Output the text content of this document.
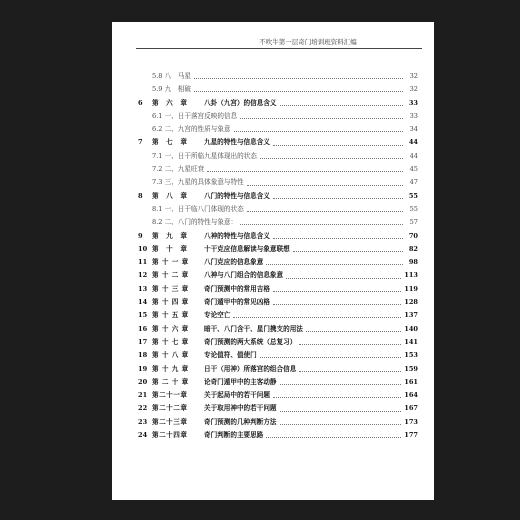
不吹牛第一层奇门培训班资料汇编
5.8 八　马星	32
5.9 九　相破	32
6	第　六　章	八卦（九宫）的信息含义	33
6.1 一、日干落宫反映的信息	33
6.2 二、九宫的性质与象意	34
7	第　七　章	九星的特性与信息含义	44
7.1 一、日干所临九星体现出的状态	44
7.2 二、九星旺衰	45
7.3 三、九星的具体象意与特性	47
8	第　八　章	八门的特性与信息含义	55
8.1 一、日干临八门体现的状态	55
8.2 二、八门的特性与象意：	57
9	第　九　章	八神的特性与信息含义	70
10 第　十　章	十干克应信息解读与象意联想	82
11 第 十 一 章	八门克应的信息象意	98
12 第 十 二 章	八神与八门组合的信息象意	113
13 第 十 三 章	奇门预测中的常用吉格	119
14 第 十 四 章	奇门遁甲中的常见凶格	128
15 第 十 五 章	专论空亡	137
16 第 十 六 章	暗干、八门含干、星门携支的用法	140
17 第 十 七 章	奇门预测的两大系统（总复习）	141
18 第 十 八 章	专论值符、值使门	153
19 第 十 九 章	日干（用神）所落宫的组合信息	159
20 第 二 十 章	论奇门遁甲中的主客动静	161
21 第二十一章	关于起局中的若干问题	164
22 第二十二章	关于取用神中的若干问题	167
23 第二十三章	奇门预测的几种判断方法	173
24 第二十四章	奇门判断的主要思路	177
